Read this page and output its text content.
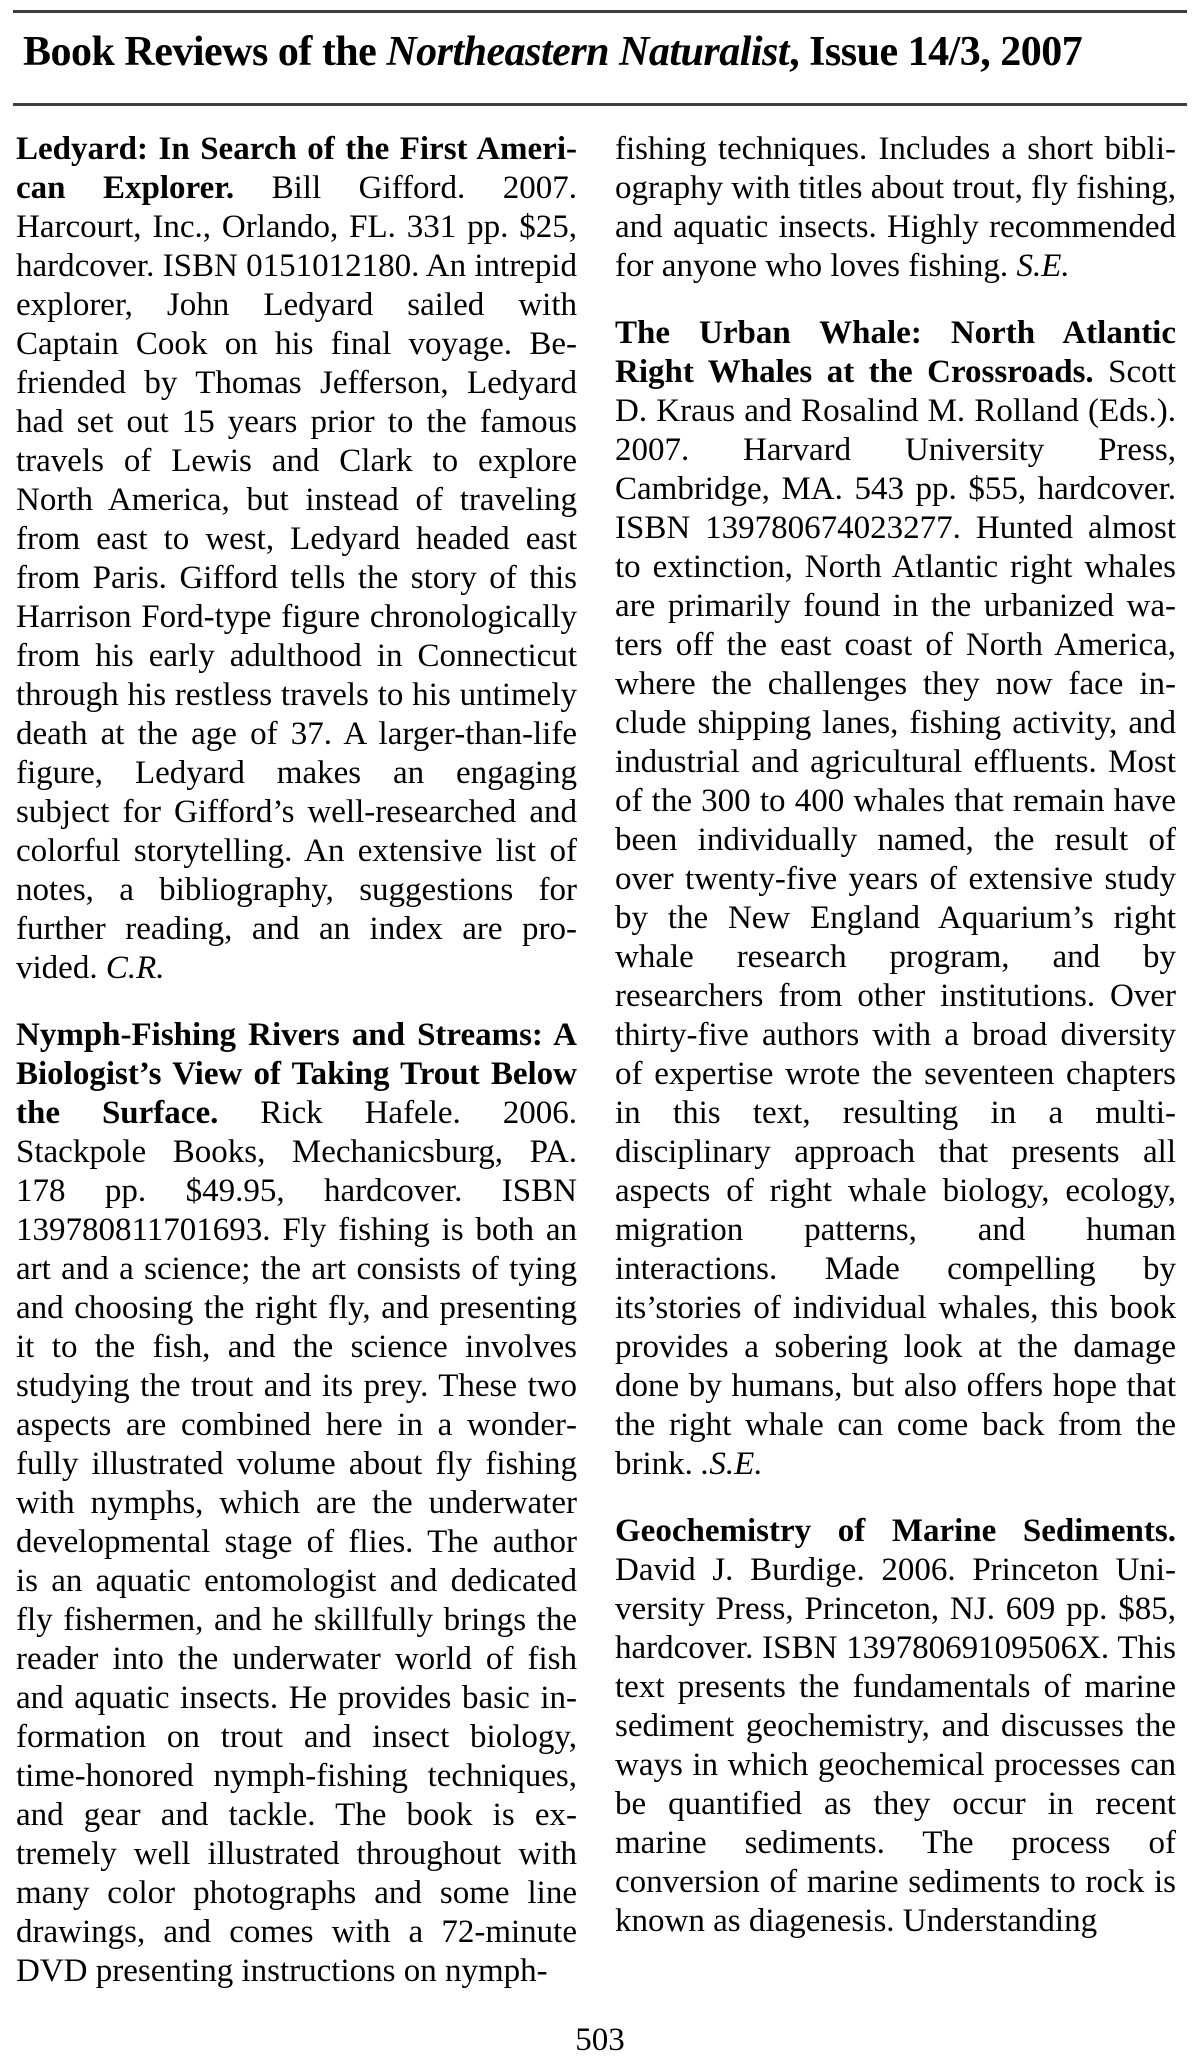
Book Reviews of the Northeastern Naturalist, Issue 14/3, 2007

Ledyard: In Search of the First American Explorer. Bill Gifford. 2007. Harcourt, Inc., Orlando, FL. 331 pp. $25, hardcover. ISBN 0151012180. An intrepid explorer, John Ledyard sailed with Captain Cook on his final voyage. Befriended by Thomas Jefferson, Ledyard had set out 15 years prior to the famous travels of Lewis and Clark to explore North America, but instead of traveling from east to west, Ledyard headed east from Paris. Gifford tells the story of this Harrison Ford-type figure chronologically from his early adulthood in Connecticut through his restless travels to his untimely death at the age of 37. A larger-than-life figure, Ledyard makes an engaging subject for Gifford’s well-researched and colorful storytelling. An extensive list of notes, a bibliography, suggestions for further reading, and an index are provided. C.R.

Nymph-Fishing Rivers and Streams: A Biologist’s View of Taking Trout Below the Surface. Rick Hafele. 2006. Stackpole Books, Mechanicsburg, PA. 178 pp. $49.95, hardcover. ISBN 139780811701693. Fly fishing is both an art and a science; the art consists of tying and choosing the right fly, and presenting it to the fish, and the science involves studying the trout and its prey. These two aspects are combined here in a wonderfully illustrated volume about fly fishing with nymphs, which are the underwater developmental stage of flies. The author is an aquatic entomologist and dedicated fly fishermen, and he skillfully brings the reader into the underwater world of fish and aquatic insects. He provides basic information on trout and insect biology, time-honored nymph-fishing techniques, and gear and tackle. The book is extremely well illustrated throughout with many color photographs and some line drawings, and comes with a 72-minute DVD presenting instructions on nymph-

fishing techniques. Includes a short bibliography with titles about trout, fly fishing, and aquatic insects. Highly recommended for anyone who loves fishing. S.E.

The Urban Whale: North Atlantic Right Whales at the Crossroads. Scott D. Kraus and Rosalind M. Rolland (Eds.). 2007. Harvard University Press, Cambridge, MA. 543 pp. $55, hardcover. ISBN 139780674023277. Hunted almost to extinction, North Atlantic right whales are primarily found in the urbanized waters off the east coast of North America, where the challenges they now face include shipping lanes, fishing activity, and industrial and agricultural effluents. Most of the 300 to 400 whales that remain have been individually named, the result of over twenty-five years of extensive study by the New England Aquarium’s right whale research program, and by researchers from other institutions. Over thirty-five authors with a broad diversity of expertise wrote the seventeen chapters in this text, resulting in a multi-disciplinary approach that presents all aspects of right whale biology, ecology, migration patterns, and human interactions. Made compelling by its’stories of individual whales, this book provides a sobering look at the damage done by humans, but also offers hope that the right whale can come back from the brink. .S.E.

Geochemistry of Marine Sediments. David J. Burdige. 2006. Princeton University Press, Princeton, NJ. 609 pp. $85, hardcover. ISBN 13978069109506X. This text presents the fundamentals of marine sediment geochemistry, and discusses the ways in which geochemical processes can be quantified as they occur in recent marine sediments. The process of conversion of marine sediments to rock is known as diagenesis. Understanding

503
